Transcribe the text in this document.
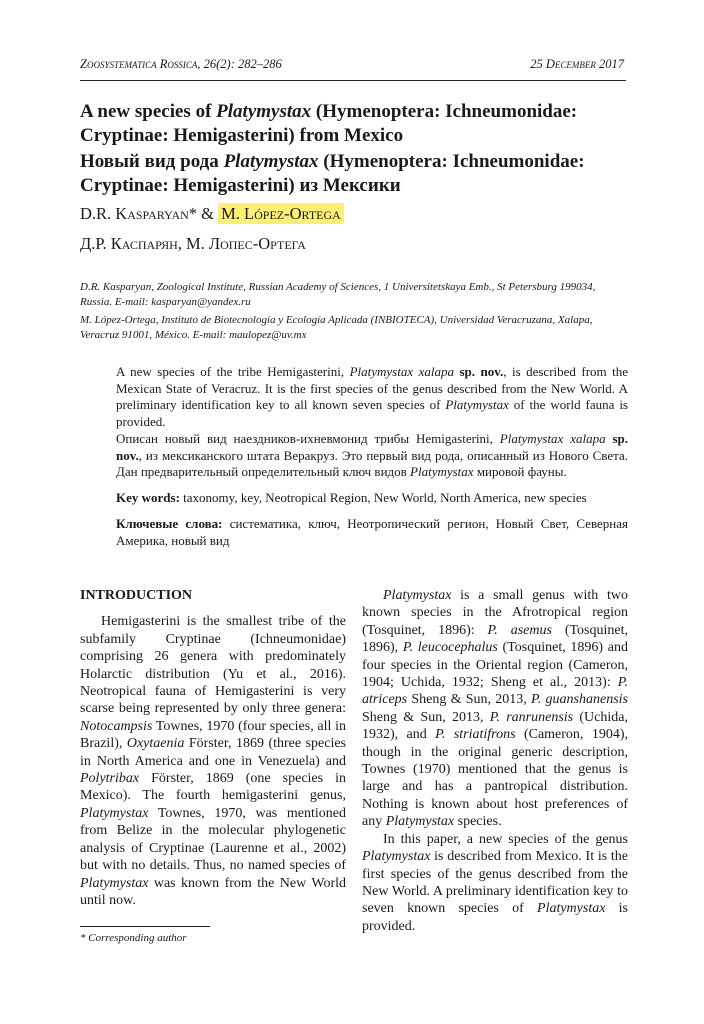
Zoosystematica Rossica, 26(2): 282–286	25 December 2017
A new species of Platymystax (Hymenoptera: Ichneumonidae:
Cryptinae: Hemigasterini) from Mexico
Новый вид рода Platymystax (Hymenoptera: Ichneumonidae:
Cryptinae: Hemigasterini) из Мексики
D.R. Kasparyan* & M. López-Ortega
Д.Р. Каспарян, М. Лопес-Ортега
D.R. Kasparyan, Zoological Institute, Russian Academy of Sciences, 1 Universitetskaya Emb., St Petersburg 199034, Russia. E-mail: kasparyan@yandex.ru
M. López-Ortega, Instituto de Biotecnología y Ecología Aplicada (INBIOTECA), Universidad Veracruzana, Xalapa, Veracruz 91001, México. E-mail: maulopez@uv.mx
A new species of the tribe Hemigasterini, Platymystax xalapa sp. nov., is described from the Mexican State of Veracruz. It is the first species of the genus described from the New World. A preliminary identification key to all known seven species of Platymystax of the world fauna is provided.
Описан новый вид наездников-ихневмонид трибы Hemigasterini, Platymystax xalapa sp. nov., из мексиканского штата Веракруз. Это первый вид рода, описанный из Нового Света. Дан предварительный определительный ключ видов Platymystax мировой фауны.
Key words: taxonomy, key, Neotropical Region, New World, North America, new species
Ключевые слова: систематика, ключ, Неотропический регион, Новый Свет, Северная Америка, новый вид
INTRODUCTION

Hemigasterini is the smallest tribe of the subfamily Cryptinae (Ichneumonidae) comprising 26 genera with predominately Holarctic distribution (Yu et al., 2016). Neotropical fauna of Hemigasterini is very scarse being represented by only three genera: Notocampsis Townes, 1970 (four species, all in Brazil), Oxytaenia Förster, 1869 (three species in North America and one in Venezuela) and Polytribax Förster, 1869 (one species in Mexico). The fourth hemigasterini genus, Platymystax Townes, 1970, was mentioned from Belize in the molecular phylogenetic analysis of Cryptinae (Laurenne et al., 2002) but with no details. Thus, no named species of Platymystax was known from the New World until now.

Platymystax is a small genus with two known species in the Afrotropical region (Tosquinet, 1896): P. asemus (Tosquinet, 1896), P. leucocephalus (Tosquinet, 1896) and four species in the Oriental region (Cameron, 1904; Uchida, 1932; Sheng et al., 2013): P. atriceps Sheng & Sun, 2013, P. guanshanensis Sheng & Sun, 2013, P. ranrunensis (Uchida, 1932), and P. striatifrons (Cameron, 1904), though in the original generic description, Townes (1970) mentioned that the genus is large and has a pantropical distribution. Nothing is known about host preferences of any Platymystax species.

In this paper, a new species of the genus Platymystax is described from Mexico. It is the first species of the genus described from the New World. A preliminary identification key to seven known species of Platymystax is provided.

* Corresponding author
